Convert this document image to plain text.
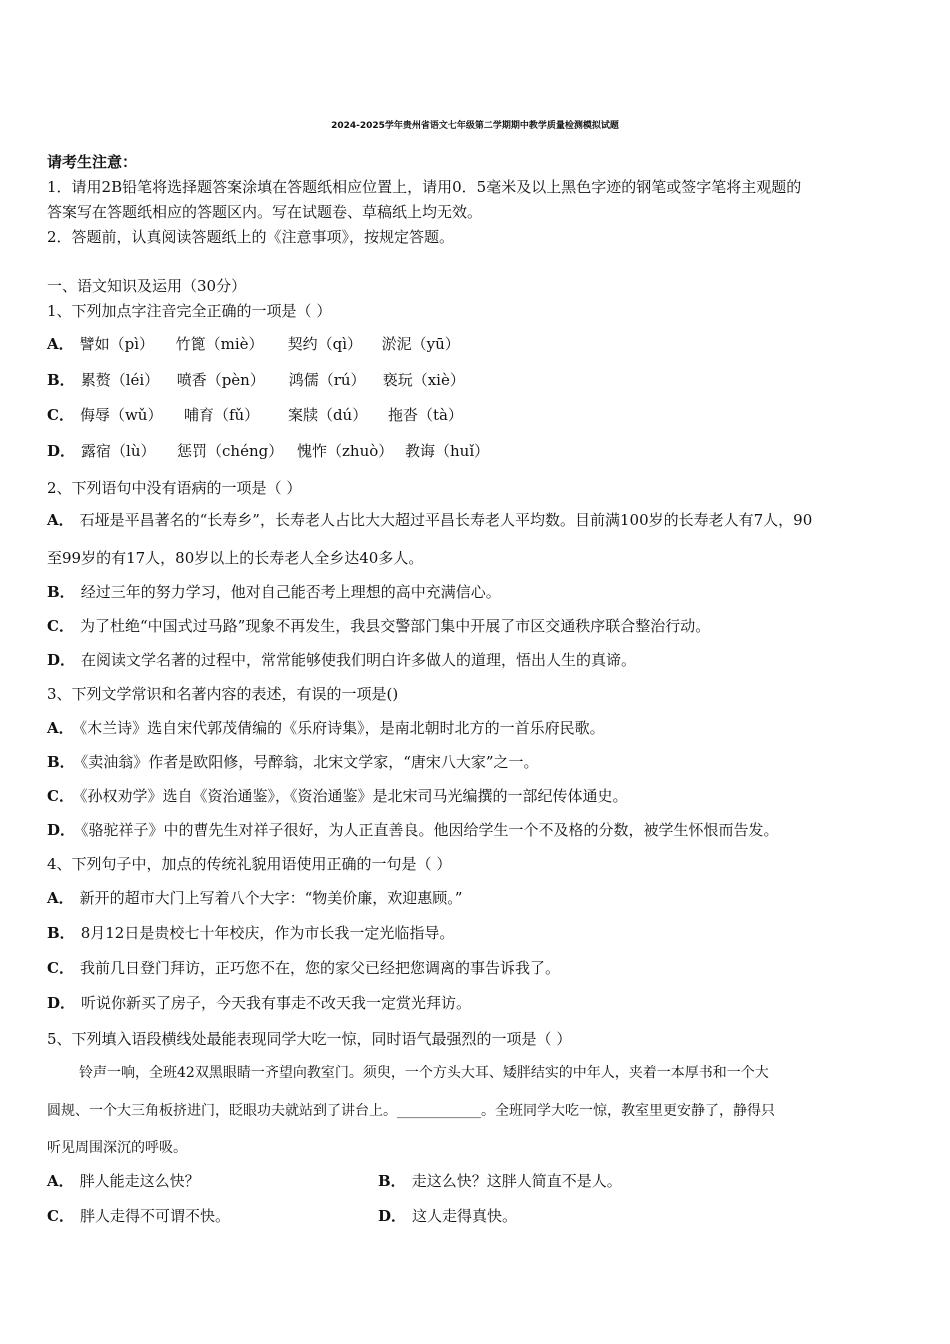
2024-2025学年贵州省语文七年级第二学期期中教学质量检测模拟试题
请考生注意：
1．请用2B铅笔将选择题答案涂填在答题纸相应位置上，请用0．5毫米及以上黑色字迹的钢笔或签字笔将主观题的
答案写在答题纸相应的答题区内。写在试题卷、草稿纸上均无效。
2．答题前，认真阅读答题纸上的《注意事项》，按规定答题。
一、语文知识及运用（30分）
1、下列加点字注音完全正确的一项是（ ）
A． 譬如（pì） 竹篦（miè） 契约（qì） 淤泥（yū）
B． 累赘（léi） 喷香（pèn） 鸿儒（rú） 亵玩（xiè）
C． 侮辱（wǔ） 哺育（fǔ） 案牍（dú） 拖沓（tà）
D． 露宿（lù） 惩罚（chéng） 愧怍（zhuò） 教诲（huǐ）
2、下列语句中没有语病的一项是（ ）
A． 石垭是平昌著名的“长寿乡”，长寿老人占比大大超过平昌长寿老人平均数。目前满100岁的长寿老人有7人，90
至99岁的有17人，80岁以上的长寿老人全乡达40多人。
B． 经过三年的努力学习，他对自己能否考上理想的高中充满信心。
C． 为了杜绝“中国式过马路”现象不再发生，我县交警部门集中开展了市区交通秩序联合整治行动。
D． 在阅读文学名著的过程中，常常能够使我们明白许多做人的道理，悟出人生的真谛。
3、下列文学常识和名著内容的表述，有误的一项是()
A． 《木兰诗》选自宋代郭茂倩编的《乐府诗集》，是南北朝时北方的一首乐府民歌。
B． 《卖油翁》作者是欧阳修，号醉翁，北宋文学家，“唐宋八大家”之一。
C． 《孙权劝学》选自《资治通鉴》，《资治通鉴》是北宋司马光编撰的一部纪传体通史。
D． 《骆驼祥子》中的曹先生对祥子很好，为人正直善良。他因给学生一个不及格的分数，被学生怀恨而告发。
4、下列句子中，加点的传统礼貌用语使用正确的一句是（ ）
A． 新开的超市大门上写着八个大字：“物美价廉，欢迎惠顾。”
B． 8月12日是贵校七十年校庆，作为市长我一定光临指导。
C． 我前几日登门拜访，正巧您不在，您的家父已经把您调离的事告诉我了。
D． 听说你新买了房子，今天我有事走不改天我一定赏光拜访。
5、下列填入语段横线处最能表现同学大吃一惊，同时语气最强烈的一项是（ ）
铃声一响，全班42双黑眼睛一齐望向教室门。须臾，一个方头大耳、矮胖结实的中年人，夹着一本厚书和一个大
圆规、一个大三角板挤进门，眨眼功夫就站到了讲台上。____________。全班同学大吃一惊，教室里更安静了，静得只
听见周围深沉的呼吸。
A． 胖人能走这么快？	B． 走这么快？这胖人简直不是人。
C． 胖人走得不可谓不快。	D． 这人走得真快。
